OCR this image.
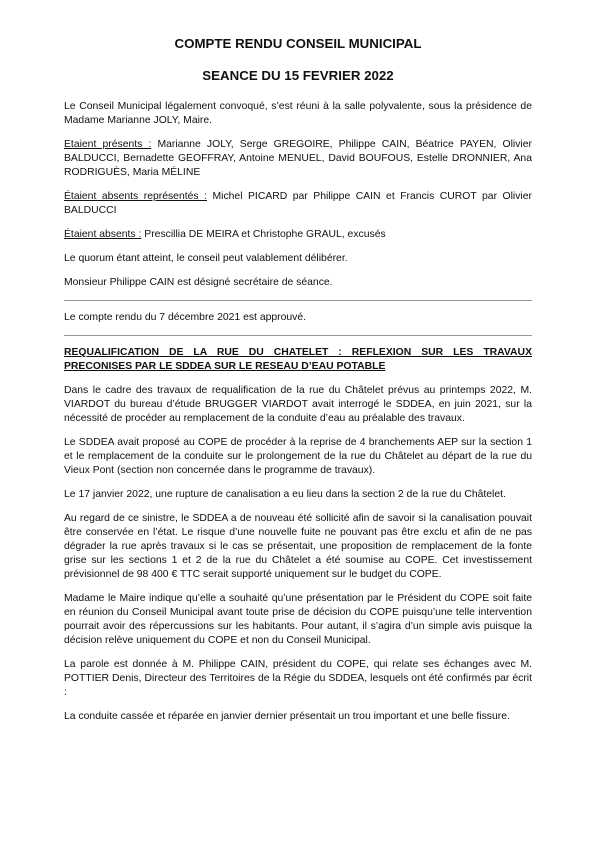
COMPTE RENDU CONSEIL MUNICIPAL
SEANCE DU 15 FEVRIER 2022

Le Conseil Municipal légalement convoqué, s’est réuni à la salle polyvalente, sous la présidence de Madame Marianne JOLY, Maire.

Etaient présents : Marianne JOLY, Serge GREGOIRE, Philippe CAIN, Béatrice PAYEN, Olivier BALDUCCI, Bernadette GEOFFRAY, Antoine MENUEL, David BOUFOUS, Estelle DRONNIER, Ana RODRIGUÈS, Maria MÉLINE

Étaient absents représentés : Michel PICARD par Philippe CAIN et Francis CUROT par Olivier BALDUCCI

Étaient absents : Prescillia DE MEIRA et Christophe GRAUL, excusés

Le quorum étant atteint, le conseil peut valablement délibérer.

Monsieur Philippe CAIN est désigné secrétaire de séance.

Le compte rendu du 7 décembre 2021 est approuvé.

REQUALIFICATION DE LA RUE DU CHATELET : REFLEXION SUR LES TRAVAUX PRECONISES PAR LE SDDEA SUR LE RESEAU D’EAU POTABLE

Dans le cadre des travaux de requalification de la rue du Châtelet prévus au printemps 2022, M. VIARDOT du bureau d’étude BRUGGER VIARDOT avait interrogé le SDDEA, en juin 2021, sur la nécessité de procéder au remplacement de la conduite d’eau au préalable des travaux.

Le SDDEA avait proposé au COPE de procéder à la reprise de 4 branchements AEP sur la section 1 et le remplacement de la conduite sur le prolongement de la rue du Châtelet au départ de la rue du Vieux Pont (section non concernée dans le programme de travaux).

Le 17 janvier 2022, une rupture de canalisation a eu lieu dans la section 2 de la rue du Châtelet.

Au regard de ce sinistre, le SDDEA a de nouveau été sollicité afin de savoir si la canalisation pouvait être conservée en l’état. Le risque d’une nouvelle fuite ne pouvant pas être exclu et afin de ne pas dégrader la rue après travaux si le cas se présentait, une proposition de remplacement de la fonte grise sur les sections 1 et 2 de la rue du Châtelet a été soumise au COPE. Cet investissement prévisionnel de 98 400 € TTC serait supporté uniquement sur le budget du COPE.

Madame le Maire indique qu’elle a souhaité qu’une présentation par le Président du COPE soit faite en réunion du Conseil Municipal avant toute prise de décision du COPE puisqu’une telle intervention pourrait avoir des répercussions sur les habitants. Pour autant, il s’agira d’un simple avis puisque la décision relève uniquement du COPE et non du Conseil Municipal.

La parole est donnée à M. Philippe CAIN, président du COPE, qui relate ses échanges avec M. POTTIER Denis, Directeur des Territoires de la Régie du SDDEA, lesquels ont été confirmés par écrit :

La conduite cassée et réparée en janvier dernier présentait un trou important et une belle fissure.
